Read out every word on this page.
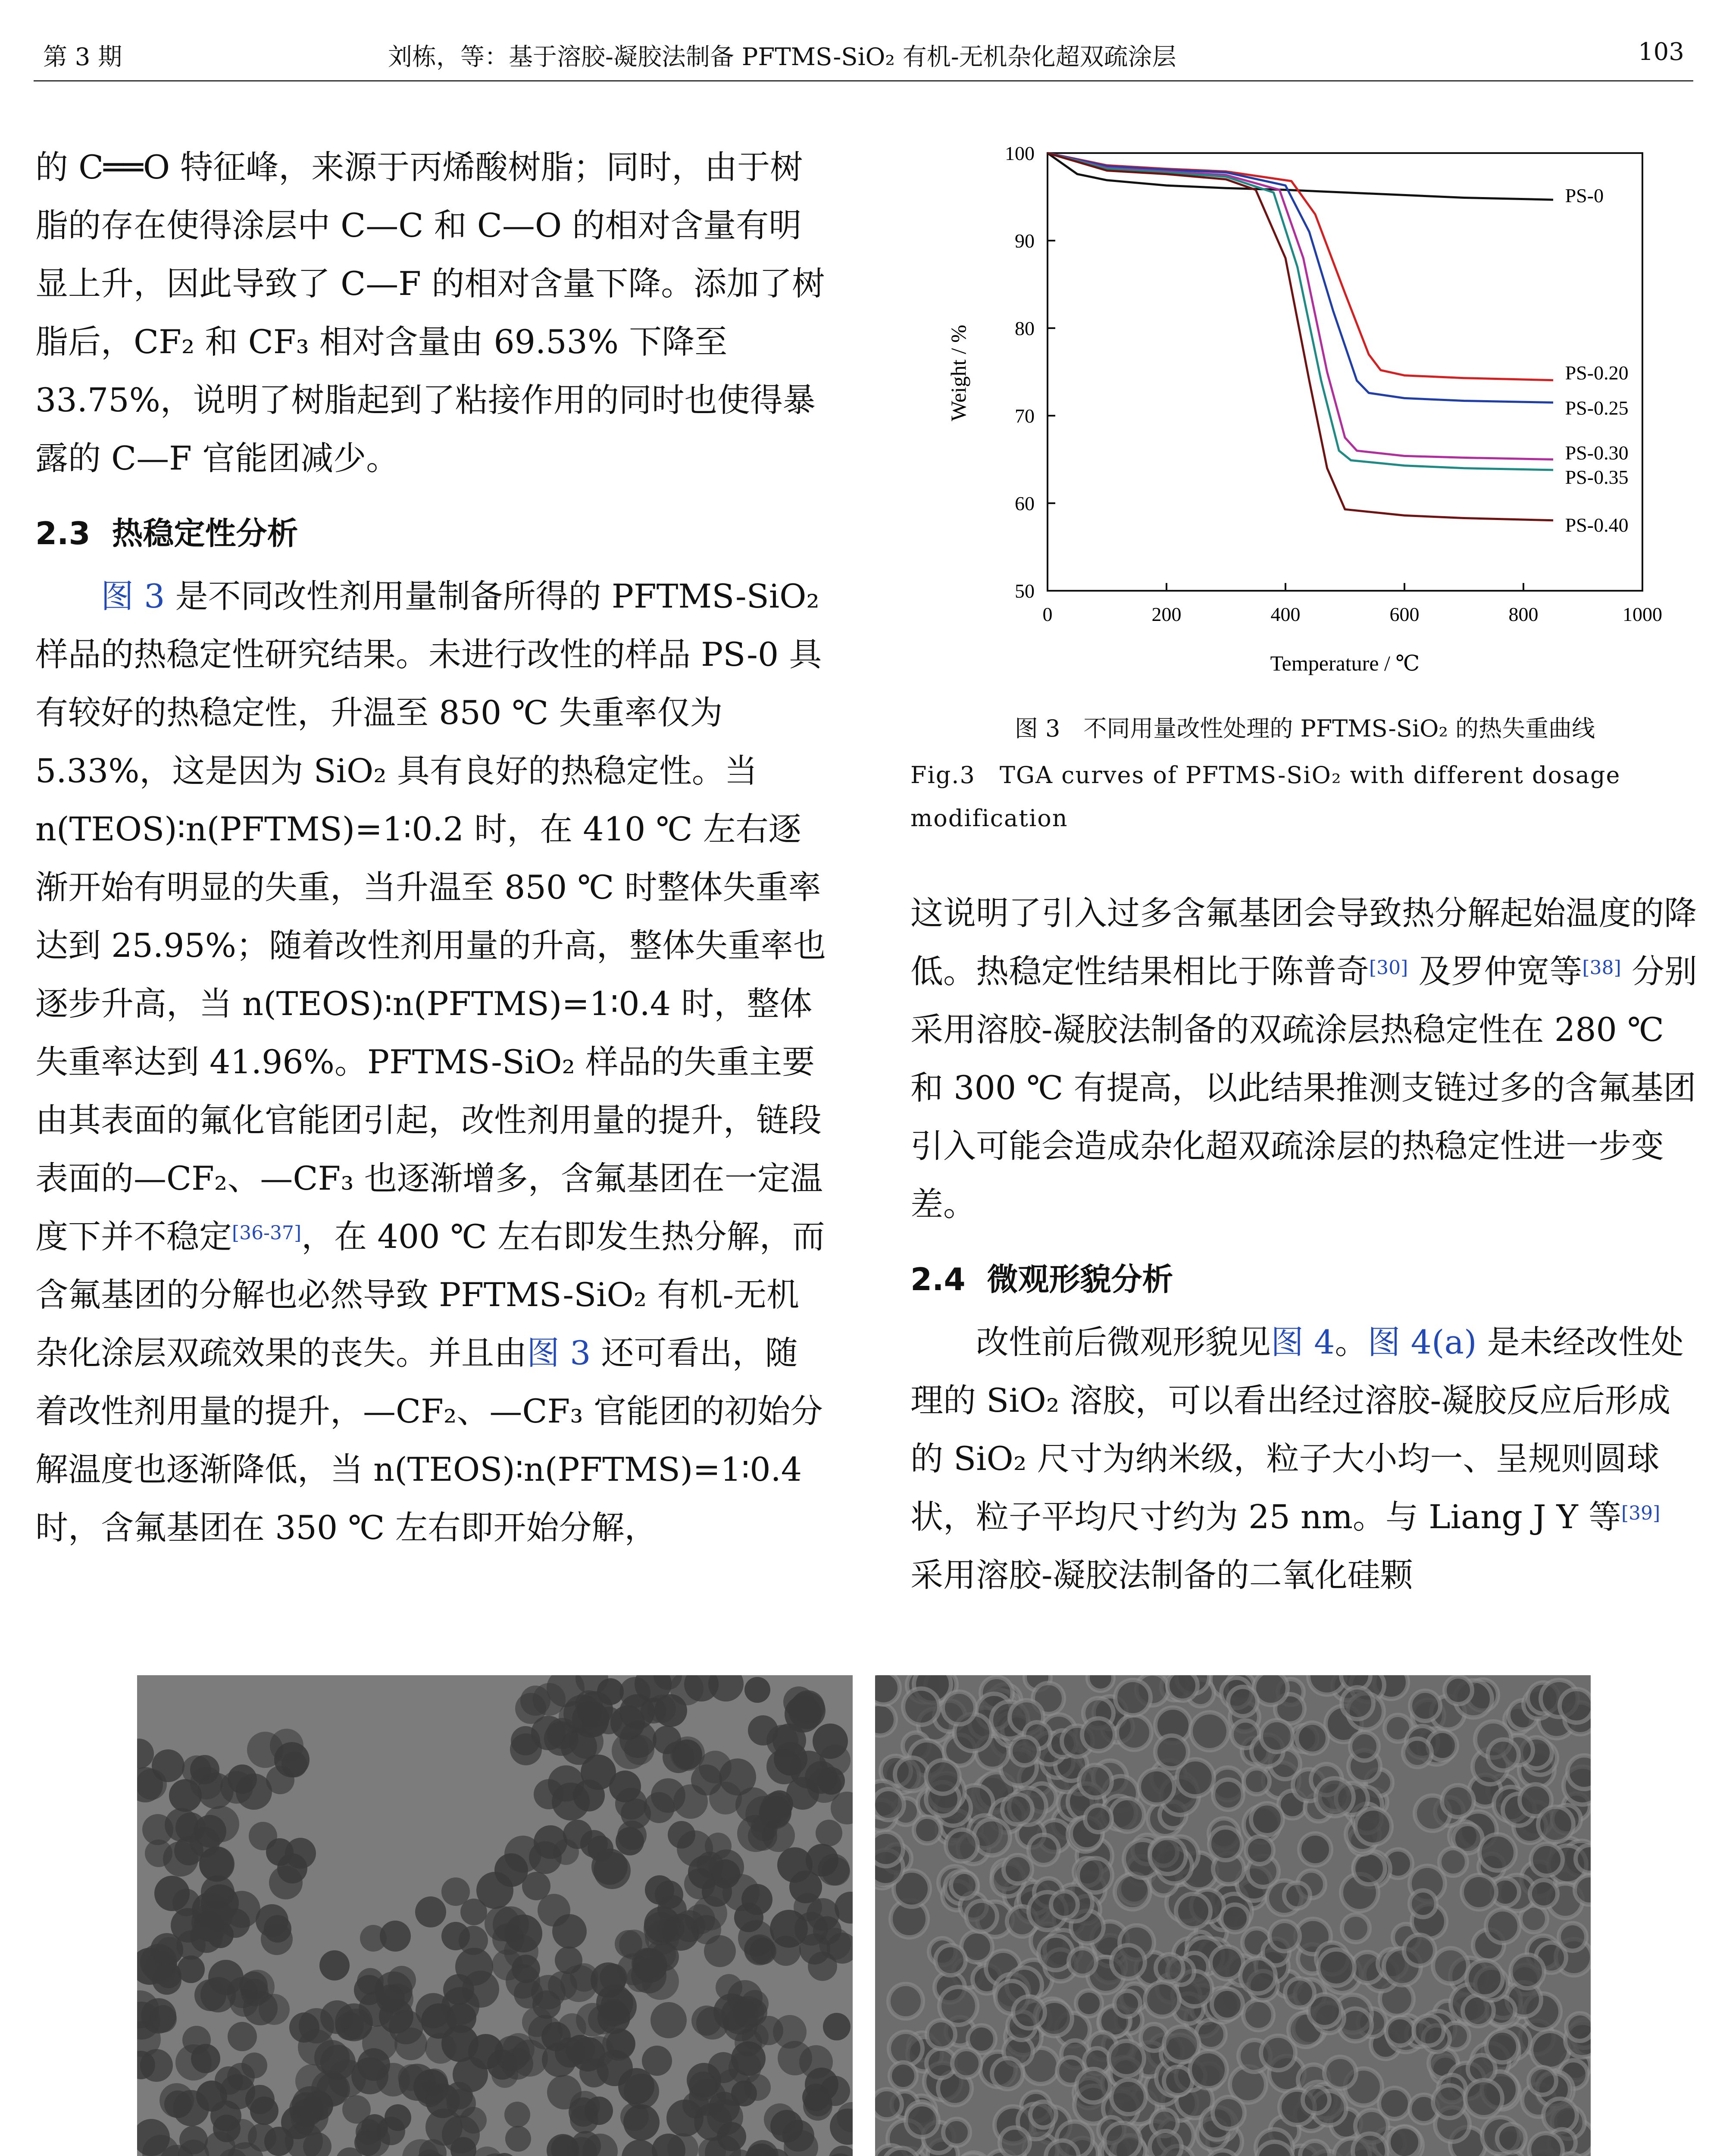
第 3 期	刘栋，等：基于溶胶-凝胶法制备 PFTMS-SiO₂ 有机-无机杂化超双疏涂层	103

的 C══O 特征峰，来源于丙烯酸树脂；同时，由于树脂的存在使得涂层中 C—C 和 C—O 的相对含量有明显上升，因此导致了 C—F 的相对含量下降。添加了树脂后，CF₂ 和 CF₃ 相对含量由 69.53% 下降至 33.75%，说明了树脂起到了粘接作用的同时也使得暴露的 C—F 官能团减少。

2.3 热稳定性分析

图 3 是不同改性剂用量制备所得的 PFTMS-SiO₂ 样品的热稳定性研究结果。未进行改性的样品 PS-0 具有较好的热稳定性，升温至 850 ℃ 失重率仅为 5.33%，这是因为 SiO₂ 具有良好的热稳定性。当 n(TEOS)∶n(PFTMS)=1∶0.2 时，在 410 ℃ 左右逐渐开始有明显的失重，当升温至 850 ℃ 时整体失重率达到 25.95%；随着改性剂用量的升高，整体失重率也逐步升高，当 n(TEOS)∶n(PFTMS)=1∶0.4 时，整体失重率达到 41.96%。PFTMS-SiO₂ 样品的失重主要由其表面的氟化官能团引起，改性剂用量的提升，链段表面的—CF₂、—CF₃ 也逐渐增多，含氟基团在一定温度下并不稳定[36-37]，在 400 ℃ 左右即发生热分解，而含氟基团的分解也必然导致 PFTMS-SiO₂ 有机-无机杂化涂层双疏效果的丧失。并且由图 3 还可看出，随着改性剂用量的提升，—CF₂、—CF₃ 官能团的初始分解温度也逐渐降低，当 n(TEOS)∶n(PFTMS)=1∶0.4 时，含氟基团在 350 ℃ 左右即开始分解，

0	200	400	600	800	1000
50
60
70
80
90
100
PS-0
PS-0.20
PS-0.25
PS-0.30
PS-0.35
PS-0.40
Temperature / ℃
Weight / %
图 3　不同用量改性处理的 PFTMS-SiO₂ 的热失重曲线
Fig.3　TGA curves of PFTMS-SiO₂ with different dosage modification

这说明了引入过多含氟基团会导致热分解起始温度的降低。热稳定性结果相比于陈普奇[30] 及罗仲宽等[38] 分别采用溶胶-凝胶法制备的双疏涂层热稳定性在 280 ℃ 和 300 ℃ 有提高，以此结果推测支链过多的含氟基团引入可能会造成杂化超双疏涂层的热稳定性进一步变差。

2.4 微观形貌分析

改性前后微观形貌见图 4。图 4(a) 是未经改性处理的 SiO₂ 溶胶，可以看出经过溶胶-凝胶反应后形成的 SiO₂ 尺寸为纳米级，粒子大小均一、呈规则圆球状，粒子平均尺寸约为 25 nm。与 Liang J Y 等[39] 采用溶胶-凝胶法制备的二氧化硅颗
